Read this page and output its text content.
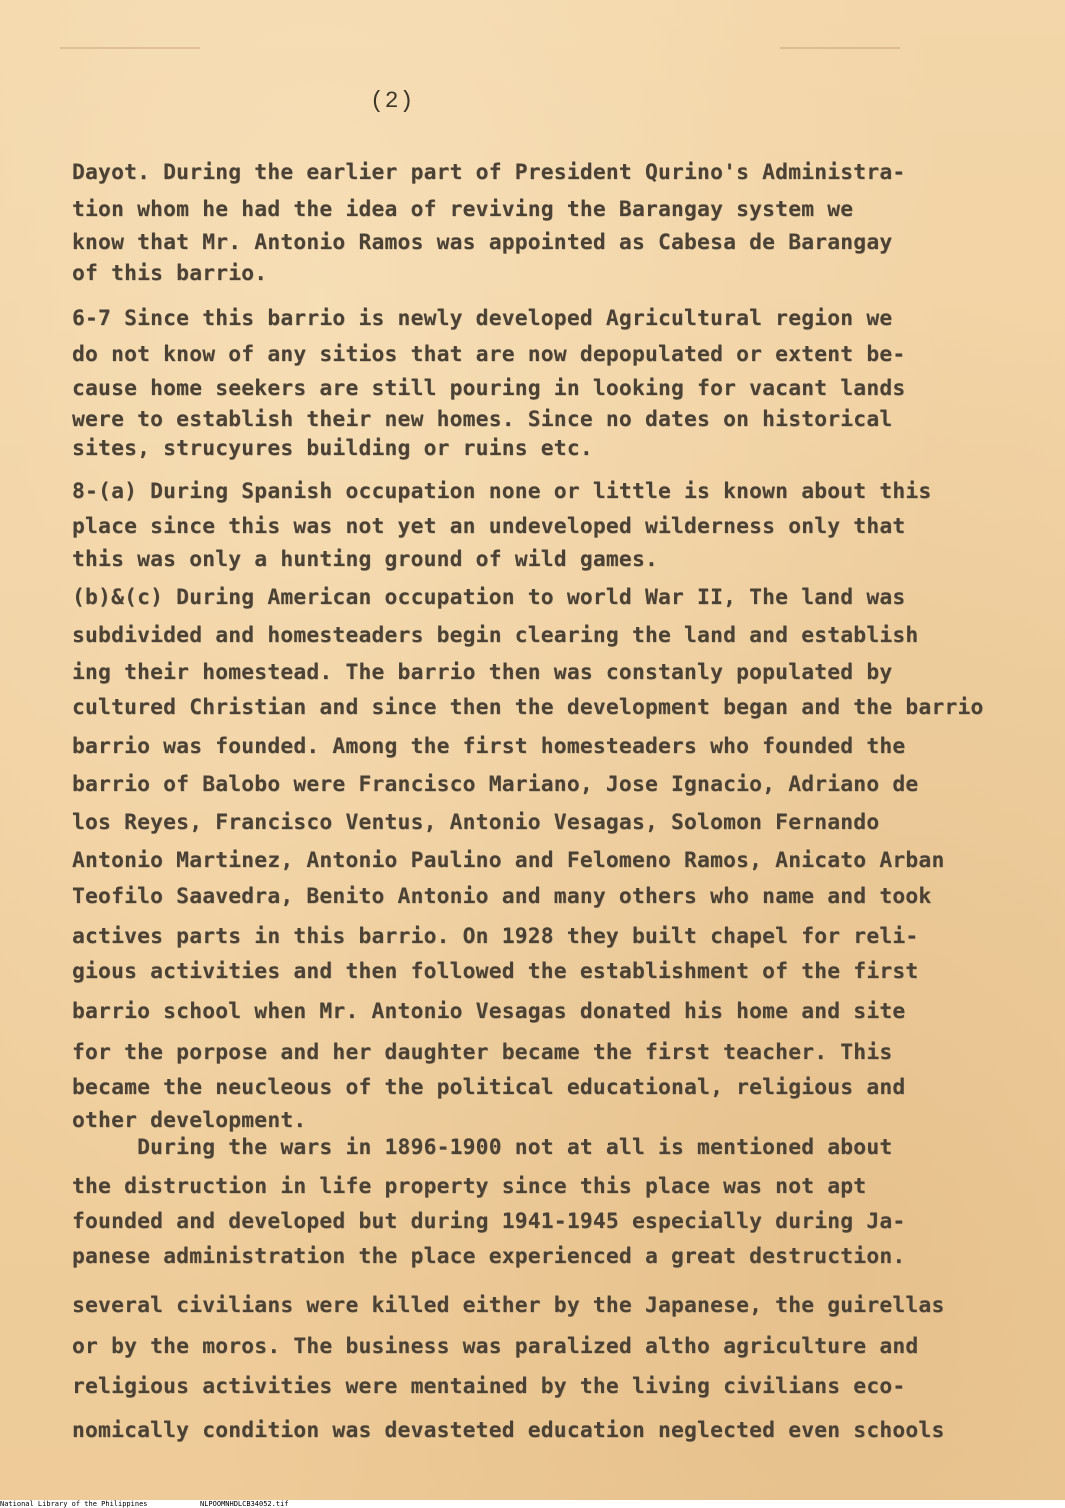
(2)
Dayot. During the earlier part of President Qurino's Administra-
tion whom he had the idea of reviving the Barangay system we
know that Mr. Antonio Ramos was appointed as Cabesa de Barangay
of this barrio.
6-7 Since this barrio is newly developed Agricultural region we
do not know of any sitios that are now depopulated or extent be-
cause home seekers are still pouring in looking for vacant lands
were to establish their new homes. Since no dates on historical
sites, strucyures building or ruins etc.
8-(a) During Spanish occupation none or little is known about this
place since this was not yet an undeveloped wilderness only that
this was only a hunting ground of wild games.
(b)&(c) During American occupation to world War II, The land was
subdivided and homesteaders begin clearing the land and establish
ing their homestead. The barrio then was constanly populated by
cultured Christian and since then the development began and the barrio
barrio was founded. Among the first homesteaders who founded the
barrio of Balobo were Francisco Mariano, Jose Ignacio, Adriano de
los Reyes, Francisco Ventus, Antonio Vesagas, Solomon Fernando
Antonio Martinez, Antonio Paulino and Felomeno Ramos, Anicato Arban
Teofilo Saavedra, Benito Antonio and many others who name and took
actives parts in this barrio. On 1928 they built chapel for reli-
gious activities and then followed the establishment of the first
barrio school when Mr. Antonio Vesagas donated his home and site
for the porpose and her daughter became the first teacher. This
became the neucleous of the political educational, religious and
other development.
During the wars in 1896-1900 not at all is mentioned about
the distruction in life property since this place was not apt
founded and developed but during 1941-1945 especially during Ja-
panese administration the place experienced a great destruction.
several civilians were killed either by the Japanese, the guirellas
or by the moros. The business was paralized altho agriculture and
religious activities were mentained by the living civilians eco-
nomically condition was devasteted education neglected even schools

National Library of the Philippines

	NLPOOMNHDLCB34052.tif
